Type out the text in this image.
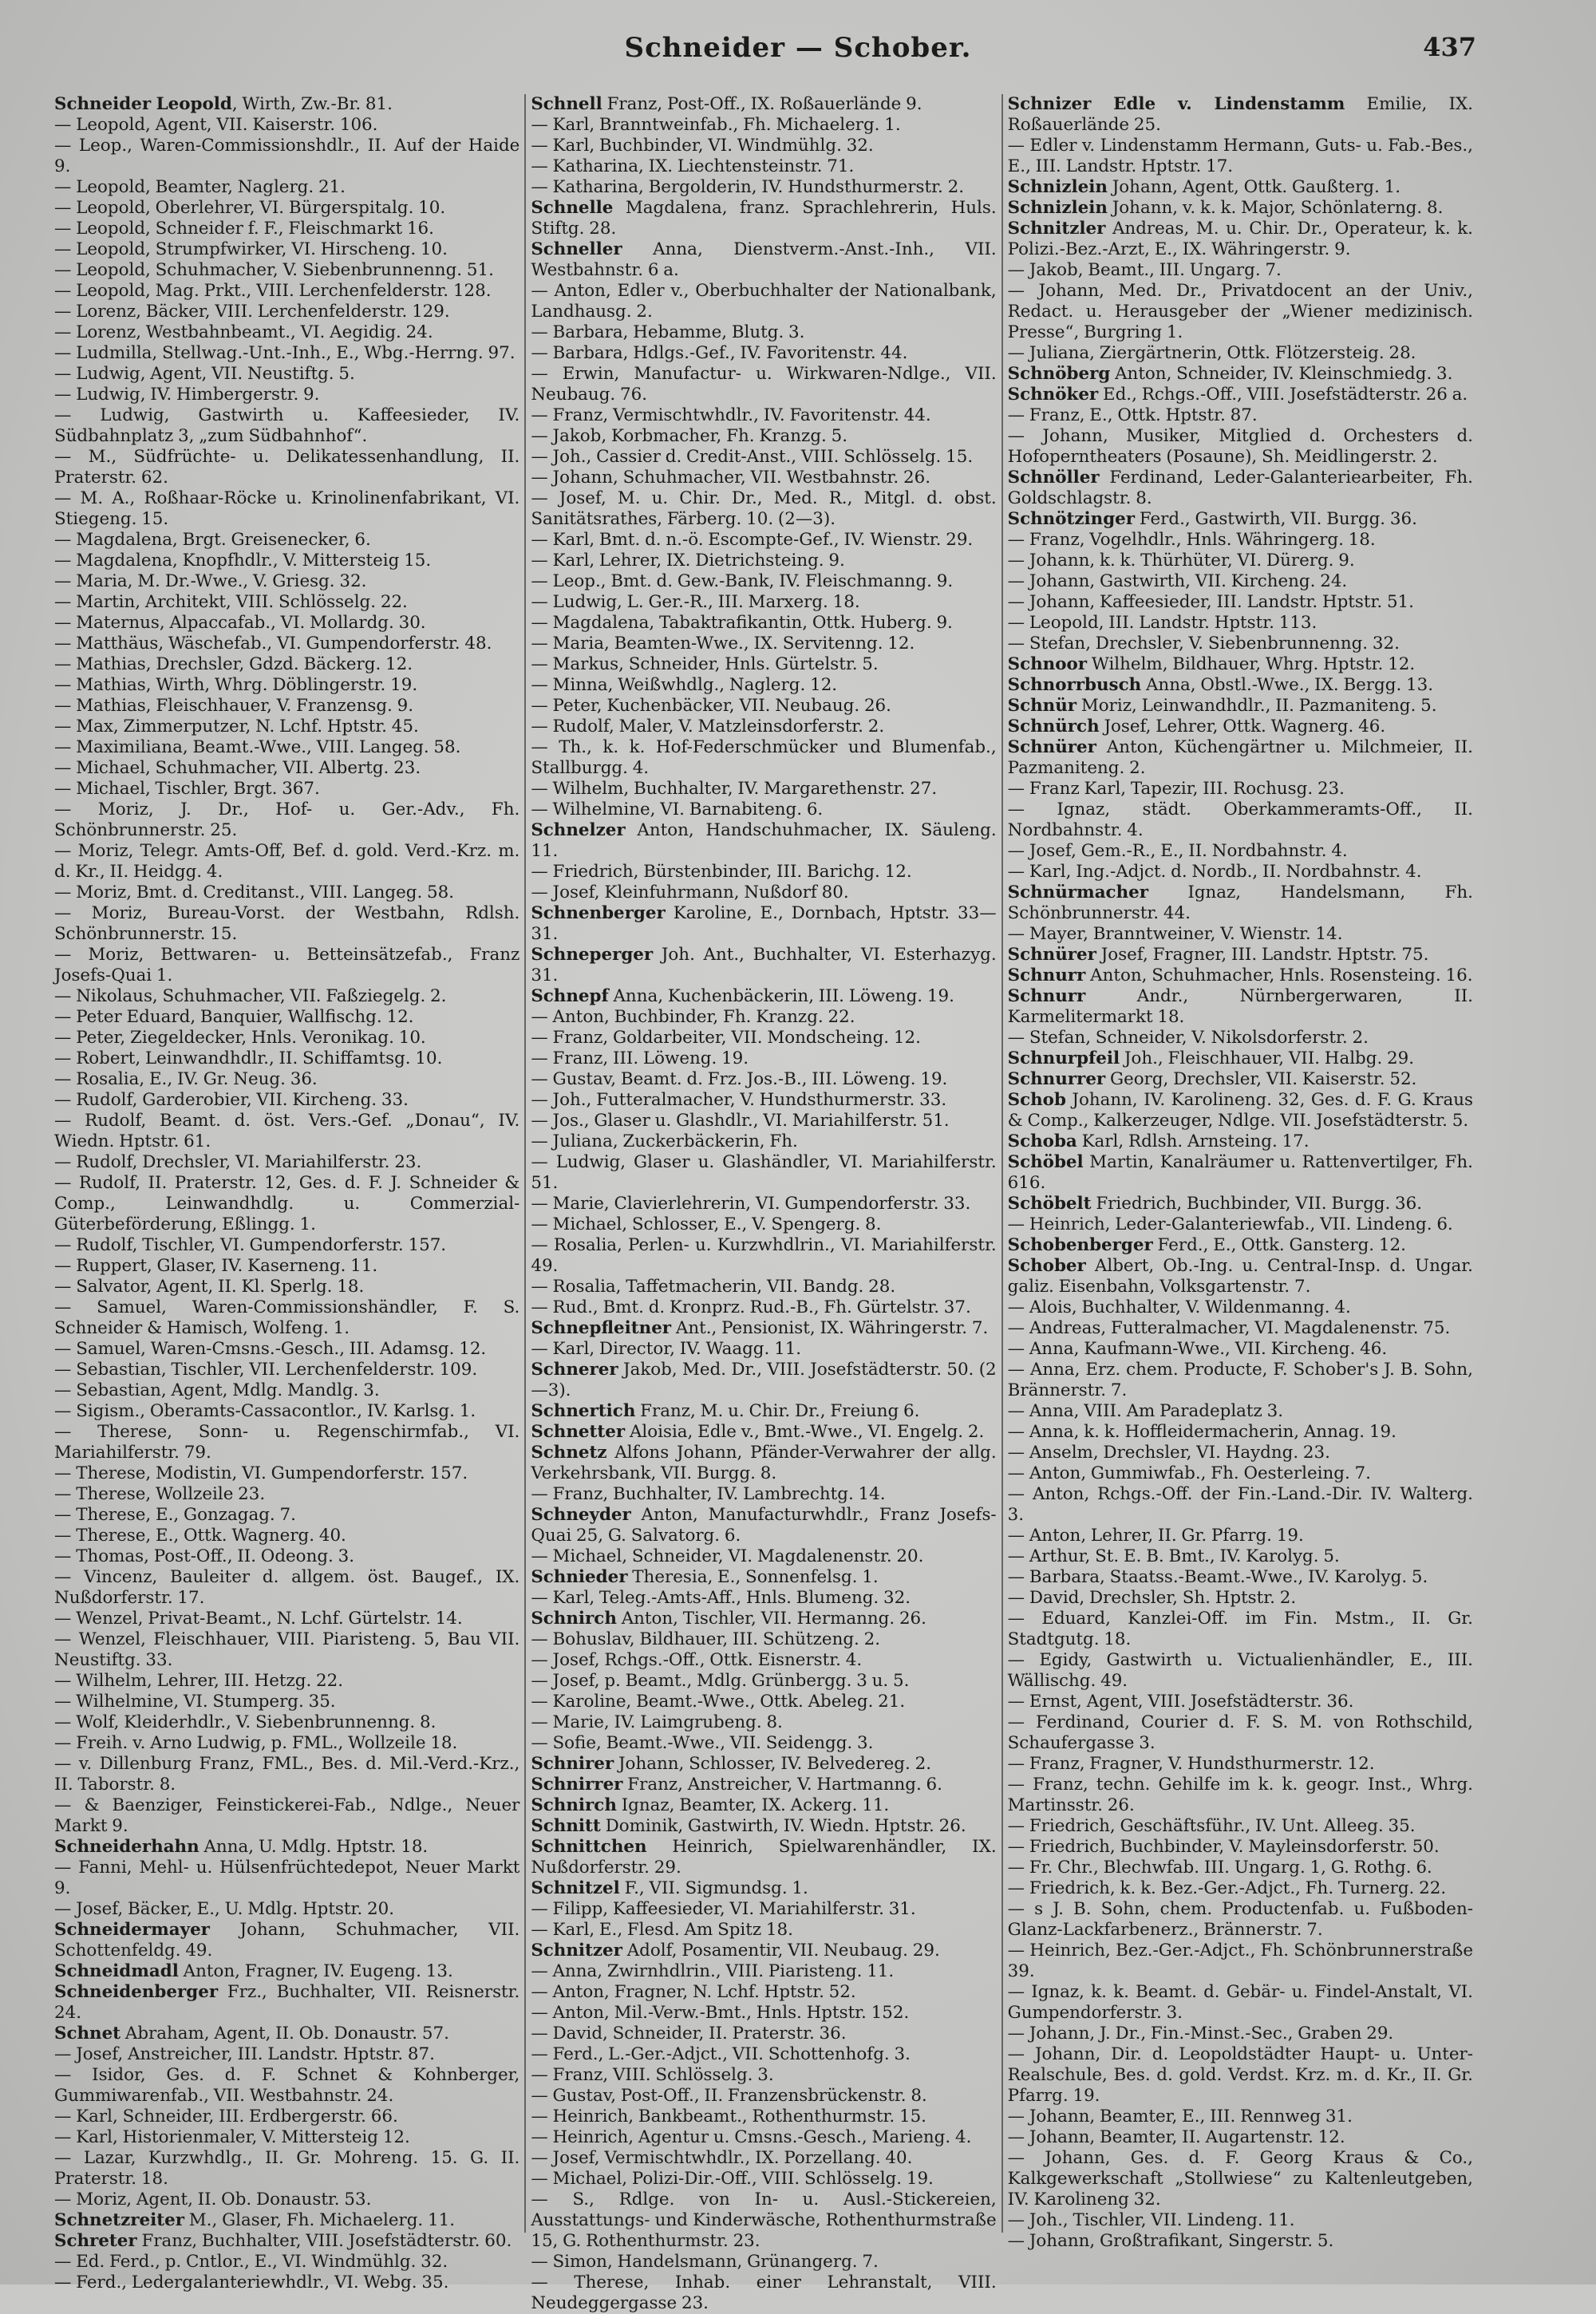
Schneider — Schober.	437
Schneider Leopold, Wirth, Zw.-Br. 81.
— Leopold, Agent, VII. Kaiserstr. 106.
— Leop., Waren-Commissionshdlr., II. Auf der Haide 9.
— Leopold, Beamter, Naglerg. 21.
— Leopold, Oberlehrer, VI. Bürgerspitalg. 10.
— Leopold, Schneider f. F., Fleischmarkt 16.
— Leopold, Strumpfwirker, VI. Hirscheng. 10.
— Leopold, Schuhmacher, V. Siebenbrunnenng. 51.
— Leopold, Mag. Prkt., VIII. Lerchenfelderstr. 128.
— Lorenz, Bäcker, VIII. Lerchenfelderstr. 129.
— Lorenz, Westbahnbeamt., VI. Aegidig. 24.
— Ludmilla, Stellwag.-Unt.-Inh., E., Wbg.-Herrng. 97.
— Ludwig, Agent, VII. Neustiftg. 5.
— Ludwig, IV. Himbergerstr. 9.
— Ludwig, Gastwirth u. Kaffeesieder, IV. Südbahnplatz 3, „zum Südbahnhof“.
— M., Südfrüchte- u. Delikatessenhandlung, II. Praterstr. 62.
— M. A., Roßhaar-Röcke u. Krinolinenfabrikant, VI. Stiegeng. 15.
— Magdalena, Brgt. Greisenecker, 6.
— Magdalena, Knopfhdlr., V. Mittersteig 15.
— Maria, M. Dr.-Wwe., V. Griesg. 32.
— Martin, Architekt, VIII. Schlösselg. 22.
— Maternus, Alpaccafab., VI. Mollardg. 30.
— Matthäus, Wäschefab., VI. Gumpendorferstr. 48.
— Mathias, Drechsler, Gdzd. Bäckerg. 12.
— Mathias, Wirth, Whrg. Döblingerstr. 19.
— Mathias, Fleischhauer, V. Franzensg. 9.
— Max, Zimmerputzer, N. Lchf. Hptstr. 45.
— Maximiliana, Beamt.-Wwe., VIII. Langeg. 58.
— Michael, Schuhmacher, VII. Albertg. 23.
— Michael, Tischler, Brgt. 367.
— Moriz, J. Dr., Hof- u. Ger.-Adv., Fh. Schönbrunnerstr. 25.
— Moriz, Telegr. Amts-Off, Bef. d. gold. Verd.-Krz. m. d. Kr., II. Heidgg. 4.
— Moriz, Bmt. d. Creditanst., VIII. Langeg. 58.
— Moriz, Bureau-Vorst. der Westbahn, Rdlsh. Schönbrunnerstr. 15.
— Moriz, Bettwaren- u. Betteinsätzefab., Franz Josefs-Quai 1.
— Nikolaus, Schuhmacher, VII. Faßziegelg. 2.
— Peter Eduard, Banquier, Wallfischg. 12.
— Peter, Ziegeldecker, Hnls. Veronikag. 10.
— Robert, Leinwandhdlr., II. Schiffamtsg. 10.
— Rosalia, E., IV. Gr. Neug. 36.
— Rudolf, Garderobier, VII. Kircheng. 33.
— Rudolf, Beamt. d. öst. Vers.-Gef. „Donau“, IV. Wiedn. Hptstr. 61.
— Rudolf, Drechsler, VI. Mariahilferstr. 23.
— Rudolf, II. Praterstr. 12, Ges. d. F. J. Schneider & Comp., Leinwandhdlg. u. Commerzial-Güterbeförderung, Eßlingg. 1.
— Rudolf, Tischler, VI. Gumpendorferstr. 157.
— Ruppert, Glaser, IV. Kaserneng. 11.
— Salvator, Agent, II. Kl. Sperlg. 18.
— Samuel, Waren-Commissionshändler, F. S. Schneider & Hamisch, Wolfeng. 1.
— Samuel, Waren-Cmsns.-Gesch., III. Adamsg. 12.
— Sebastian, Tischler, VII. Lerchenfelderstr. 109.
— Sebastian, Agent, Mdlg. Mandlg. 3.
— Sigism., Oberamts-Cassacontlor., IV. Karlsg. 1.
— Therese, Sonn- u. Regenschirmfab., VI. Mariahilferstr. 79.
— Therese, Modistin, VI. Gumpendorferstr. 157.
— Therese, Wollzeile 23.
— Therese, E., Gonzagag. 7.
— Therese, E., Ottk. Wagnerg. 40.
— Thomas, Post-Off., II. Odeong. 3.
— Vincenz, Bauleiter d. allgem. öst. Baugef., IX. Nußdorferstr. 17.
— Wenzel, Privat-Beamt., N. Lchf. Gürtelstr. 14.
— Wenzel, Fleischhauer, VIII. Piaristeng. 5, Bau VII. Neustiftg. 33.
— Wilhelm, Lehrer, III. Hetzg. 22.
— Wilhelmine, VI. Stumperg. 35.
— Wolf, Kleiderhdlr., V. Siebenbrunnenng. 8.
— Freih. v. Arno Ludwig, p. FML., Wollzeile 18.
— v. Dillenburg Franz, FML., Bes. d. Mil.-Verd.-Krz., II. Taborstr. 8.
— & Baenziger, Feinstickerei-Fab., Ndlge., Neuer Markt 9.
Schneiderhahn Anna, U. Mdlg. Hptstr. 18.
— Fanni, Mehl- u. Hülsenfrüchtedepot, Neuer Markt 9.
— Josef, Bäcker, E., U. Mdlg. Hptstr. 20.
Schneidermayer Johann, Schuhmacher, VII. Schottenfeldg. 49.
Schneidmadl Anton, Fragner, IV. Eugeng. 13.
Schneidenberger Frz., Buchhalter, VII. Reisnerstr. 24.
Schnet Abraham, Agent, II. Ob. Donaustr. 57.
— Josef, Anstreicher, III. Landstr. Hptstr. 87.
— Isidor, Ges. d. F. Schnet & Kohnberger, Gummiwarenfab., VII. Westbahnstr. 24.
— Karl, Schneider, III. Erdbergerstr. 66.
— Karl, Historienmaler, V. Mittersteig 12.
— Lazar, Kurzwhdlg., II. Gr. Mohreng. 15. G. II. Praterstr. 18.
— Moriz, Agent, II. Ob. Donaustr. 53.
Schnetzreiter M., Glaser, Fh. Michaelerg. 11.
Schreter Franz, Buchhalter, VIII. Josefstädterstr. 60.
— Ed. Ferd., p. Cntlor., E., VI. Windmühlg. 32.
— Ferd., Ledergalanteriewhdlr., VI. Webg. 35.
Schnell Franz, Post-Off., IX. Roßauerlände 9.
— Karl, Branntweinfab., Fh. Michaelerg. 1.
— Karl, Buchbinder, VI. Windmühlg. 32.
— Katharina, IX. Liechtensteinstr. 71.
— Katharina, Bergolderin, IV. Hundsthurmerstr. 2.
Schnelle Magdalena, franz. Sprachlehrerin, Huls. Stiftg. 28.
Schneller Anna, Dienstverm.-Anst.-Inh., VII. Westbahnstr. 6 a.
— Anton, Edler v., Oberbuchhalter der Nationalbank, Landhausg. 2.
— Barbara, Hebamme, Blutg. 3.
— Barbara, Hdlgs.-Gef., IV. Favoritenstr. 44.
— Erwin, Manufactur- u. Wirkwaren-Ndlge., VII. Neubaug. 76.
— Franz, Vermischtwhdlr., IV. Favoritenstr. 44.
— Jakob, Korbmacher, Fh. Kranzg. 5.
— Joh., Cassier d. Credit-Anst., VIII. Schlösselg. 15.
— Johann, Schuhmacher, VII. Westbahnstr. 26.
— Josef, M. u. Chir. Dr., Med. R., Mitgl. d. obst. Sanitätsrathes, Färberg. 10. (2—3).
— Karl, Bmt. d. n.-ö. Escompte-Gef., IV. Wienstr. 29.
— Karl, Lehrer, IX. Dietrichsteing. 9.
— Leop., Bmt. d. Gew.-Bank, IV. Fleischmanng. 9.
— Ludwig, L. Ger.-R., III. Marxerg. 18.
— Magdalena, Tabaktrafikantin, Ottk. Huberg. 9.
— Maria, Beamten-Wwe., IX. Servitenng. 12.
— Markus, Schneider, Hnls. Gürtelstr. 5.
— Minna, Weißwhdlg., Naglerg. 12.
— Peter, Kuchenbäcker, VII. Neubaug. 26.
— Rudolf, Maler, V. Matzleinsdorferstr. 2.
— Th., k. k. Hof-Federschmücker und Blumenfab., Stallburgg. 4.
— Wilhelm, Buchhalter, IV. Margarethenstr. 27.
— Wilhelmine, VI. Barnabiteng. 6.
Schnelzer Anton, Handschuhmacher, IX. Säuleng. 11.
— Friedrich, Bürstenbinder, III. Barichg. 12.
— Josef, Kleinfuhrmann, Nußdorf 80.
Schnenberger Karoline, E., Dornbach, Hptstr. 33—31.
Schneperger Joh. Ant., Buchhalter, VI. Esterhazyg. 31.
Schnepf Anna, Kuchenbäckerin, III. Löweng. 19.
— Anton, Buchbinder, Fh. Kranzg. 22.
— Franz, Goldarbeiter, VII. Mondscheing. 12.
— Franz, III. Löweng. 19.
— Gustav, Beamt. d. Frz. Jos.-B., III. Löweng. 19.
— Joh., Futteralmacher, V. Hundsthurmerstr. 33.
— Jos., Glaser u. Glashdlr., VI. Mariahilferstr. 51.
— Juliana, Zuckerbäckerin, Fh.
— Ludwig, Glaser u. Glashändler, VI. Mariahilferstr. 51.
— Marie, Clavierlehrerin, VI. Gumpendorferstr. 33.
— Michael, Schlosser, E., V. Spengerg. 8.
— Rosalia, Perlen- u. Kurzwhdlrin., VI. Mariahilferstr. 49.
— Rosalia, Taffetmacherin, VII. Bandg. 28.
— Rud., Bmt. d. Kronprz. Rud.-B., Fh. Gürtelstr. 37.
Schnepfleitner Ant., Pensionist, IX. Währingerstr. 7.
— Karl, Director, IV. Waagg. 11.
Schnerer Jakob, Med. Dr., VIII. Josefstädterstr. 50. (2—3).
Schnertich Franz, M. u. Chir. Dr., Freiung 6.
Schnetter Aloisia, Edle v., Bmt.-Wwe., VI. Engelg. 2.
Schnetz Alfons Johann, Pfänder-Verwahrer der allg. Verkehrsbank, VII. Burgg. 8.
— Franz, Buchhalter, IV. Lambrechtg. 14.
Schneyder Anton, Manufacturwhdlr., Franz Josefs-Quai 25, G. Salvatorg. 6.
— Michael, Schneider, VI. Magdalenenstr. 20.
Schnieder Theresia, E., Sonnenfelsg. 1.
— Karl, Teleg.-Amts-Aff., Hnls. Blumeng. 32.
Schnirch Anton, Tischler, VII. Hermanng. 26.
— Bohuslav, Bildhauer, III. Schützeng. 2.
— Josef, Rchgs.-Off., Ottk. Eisnerstr. 4.
— Josef, p. Beamt., Mdlg. Grünbergg. 3 u. 5.
— Karoline, Beamt.-Wwe., Ottk. Abeleg. 21.
— Marie, IV. Laimgrubeng. 8.
— Sofie, Beamt.-Wwe., VII. Seidengg. 3.
Schnirer Johann, Schlosser, IV. Belvedereg. 2.
Schnirrer Franz, Anstreicher, V. Hartmanng. 6.
Schnirch Ignaz, Beamter, IX. Ackerg. 11.
Schnitt Dominik, Gastwirth, IV. Wiedn. Hptstr. 26.
Schnittchen Heinrich, Spielwarenhändler, IX. Nußdorferstr. 29.
Schnitzel F., VII. Sigmundsg. 1.
— Filipp, Kaffeesieder, VI. Mariahilferstr. 31.
— Karl, E., Flesd. Am Spitz 18.
Schnitzer Adolf, Posamentir, VII. Neubaug. 29.
— Anna, Zwirnhdlrin., VIII. Piaristeng. 11.
— Anton, Fragner, N. Lchf. Hptstr. 52.
— Anton, Mil.-Verw.-Bmt., Hnls. Hptstr. 152.
— David, Schneider, II. Praterstr. 36.
— Ferd., L.-Ger.-Adjct., VII. Schottenhofg. 3.
— Franz, VIII. Schlösselg. 3.
— Gustav, Post-Off., II. Franzensbrückenstr. 8.
— Heinrich, Bankbeamt., Rothenthurmstr. 15.
— Heinrich, Agentur u. Cmsns.-Gesch., Marieng. 4.
— Josef, Vermischtwhdlr., IX. Porzellang. 40.
— Michael, Polizi-Dir.-Off., VIII. Schlösselg. 19.
— S., Rdlge. von In- u. Ausl.-Stickereien, Ausstattungs- und Kinderwäsche, Rothenthurmstraße 15, G. Rothenthurmstr. 23.
— Simon, Handelsmann, Grünangerg. 7.
— Therese, Inhab. einer Lehranstalt, VIII. Neudeggergasse 23.
Schnizer Edle v. Lindenstamm Emilie, IX. Roßauerlände 25.
— Edler v. Lindenstamm Hermann, Guts- u. Fab.-Bes., E., III. Landstr. Hptstr. 17.
Schnizlein Johann, Agent, Ottk. Gaußterg. 1.
Schnizlein Johann, v. k. k. Major, Schönlaterng. 8.
Schnitzler Andreas, M. u. Chir. Dr., Operateur, k. k. Polizi.-Bez.-Arzt, E., IX. Währingerstr. 9.
— Jakob, Beamt., III. Ungarg. 7.
— Johann, Med. Dr., Privatdocent an der Univ., Redact. u. Herausgeber der „Wiener medizinisch. Presse“, Burgring 1.
— Juliana, Ziergärtnerin, Ottk. Flötzersteig. 28.
Schnöberg Anton, Schneider, IV. Kleinschmiedg. 3.
Schnöker Ed., Rchgs.-Off., VIII. Josefstädterstr. 26 a.
— Franz, E., Ottk. Hptstr. 87.
— Johann, Musiker, Mitglied d. Orchesters d. Hofoperntheaters (Posaune), Sh. Meidlingerstr. 2.
Schnöller Ferdinand, Leder-Galanteriearbeiter, Fh. Goldschlagstr. 8.
Schnötzinger Ferd., Gastwirth, VII. Burgg. 36.
— Franz, Vogelhdlr., Hnls. Währingerg. 18.
— Johann, k. k. Thürhüter, VI. Dürerg. 9.
— Johann, Gastwirth, VII. Kircheng. 24.
— Johann, Kaffeesieder, III. Landstr. Hptstr. 51.
— Leopold, III. Landstr. Hptstr. 113.
— Stefan, Drechsler, V. Siebenbrunnenng. 32.
Schnoor Wilhelm, Bildhauer, Whrg. Hptstr. 12.
Schnorrbusch Anna, Obstl.-Wwe., IX. Bergg. 13.
Schnür Moriz, Leinwandhdlr., II. Pazmaniteng. 5.
Schnürch Josef, Lehrer, Ottk. Wagnerg. 46.
Schnürer Anton, Küchengärtner u. Milchmeier, II. Pazmaniteng. 2.
— Franz Karl, Tapezir, III. Rochusg. 23.
— Ignaz, städt. Oberkammeramts-Off., II. Nordbahnstr. 4.
— Josef, Gem.-R., E., II. Nordbahnstr. 4.
— Karl, Ing.-Adjct. d. Nordb., II. Nordbahnstr. 4.
Schnürmacher Ignaz, Handelsmann, Fh. Schönbrunnerstr. 44.
— Mayer, Branntweiner, V. Wienstr. 14.
Schnürer Josef, Fragner, III. Landstr. Hptstr. 75.
Schnurr Anton, Schuhmacher, Hnls. Rosensteing. 16.
Schnurr Andr., Nürnbergerwaren, II. Karmelitermarkt 18.
— Stefan, Schneider, V. Nikolsdorferstr. 2.
Schnurpfeil Joh., Fleischhauer, VII. Halbg. 29.
Schnurrer Georg, Drechsler, VII. Kaiserstr. 52.
Schob Johann, IV. Karolineng. 32, Ges. d. F. G. Kraus & Comp., Kalkerzeuger, Ndlge. VII. Josefstädterstr. 5.
Schoba Karl, Rdlsh. Arnsteing. 17.
Schöbel Martin, Kanalräumer u. Rattenvertilger, Fh. 616.
Schöbelt Friedrich, Buchbinder, VII. Burgg. 36.
— Heinrich, Leder-Galanteriewfab., VII. Lindeng. 6.
Schobenberger Ferd., E., Ottk. Gansterg. 12.
Schober Albert, Ob.-Ing. u. Central-Insp. d. Ungar. galiz. Eisenbahn, Volksgartenstr. 7.
— Alois, Buchhalter, V. Wildenmanng. 4.
— Andreas, Futteralmacher, VI. Magdalenenstr. 75.
— Anna, Kaufmann-Wwe., VII. Kircheng. 46.
— Anna, Erz. chem. Producte, F. Schober's J. B. Sohn, Brännerstr. 7.
— Anna, VIII. Am Paradeplatz 3.
— Anna, k. k. Hoffleidermacherin, Annag. 19.
— Anselm, Drechsler, VI. Haydng. 23.
— Anton, Gummiwfab., Fh. Oesterleing. 7.
— Anton, Rchgs.-Off. der Fin.-Land.-Dir. IV. Walterg. 3.
— Anton, Lehrer, II. Gr. Pfarrg. 19.
— Arthur, St. E. B. Bmt., IV. Karolyg. 5.
— Barbara, Staatss.-Beamt.-Wwe., IV. Karolyg. 5.
— David, Drechsler, Sh. Hptstr. 2.
— Eduard, Kanzlei-Off. im Fin. Mstm., II. Gr. Stadtgutg. 18.
— Egidy, Gastwirth u. Victualienhändler, E., III. Wällischg. 49.
— Ernst, Agent, VIII. Josefstädterstr. 36.
— Ferdinand, Courier d. F. S. M. von Rothschild, Schaufergasse 3.
— Franz, Fragner, V. Hundsthurmerstr. 12.
— Franz, techn. Gehilfe im k. k. geogr. Inst., Whrg. Martinsstr. 26.
— Friedrich, Geschäftsführ., IV. Unt. Alleeg. 35.
— Friedrich, Buchbinder, V. Mayleinsdorferstr. 50.
— Fr. Chr., Blechwfab. III. Ungarg. 1, G. Rothg. 6.
— Friedrich, k. k. Bez.-Ger.-Adjct., Fh. Turnerg. 22.
— s J. B. Sohn, chem. Productenfab. u. Fußboden-Glanz-Lackfarbenerz., Brännerstr. 7.
— Heinrich, Bez.-Ger.-Adjct., Fh. Schönbrunnerstraße 39.
— Ignaz, k. k. Beamt. d. Gebär- u. Findel-Anstalt, VI. Gumpendorferstr. 3.
— Johann, J. Dr., Fin.-Minst.-Sec., Graben 29.
— Johann, Dir. d. Leopoldstädter Haupt- u. Unter-Realschule, Bes. d. gold. Verdst. Krz. m. d. Kr., II. Gr. Pfarrg. 19.
— Johann, Beamter, E., III. Rennweg 31.
— Johann, Beamter, II. Augartenstr. 12.
— Johann, Ges. d. F. Georg Kraus & Co., Kalkgewerkschaft „Stollwiese“ zu Kaltenleutgeben, IV. Karolineng 32.
— Joh., Tischler, VII. Lindeng. 11.
— Johann, Großtrafikant, Singerstr. 5.
